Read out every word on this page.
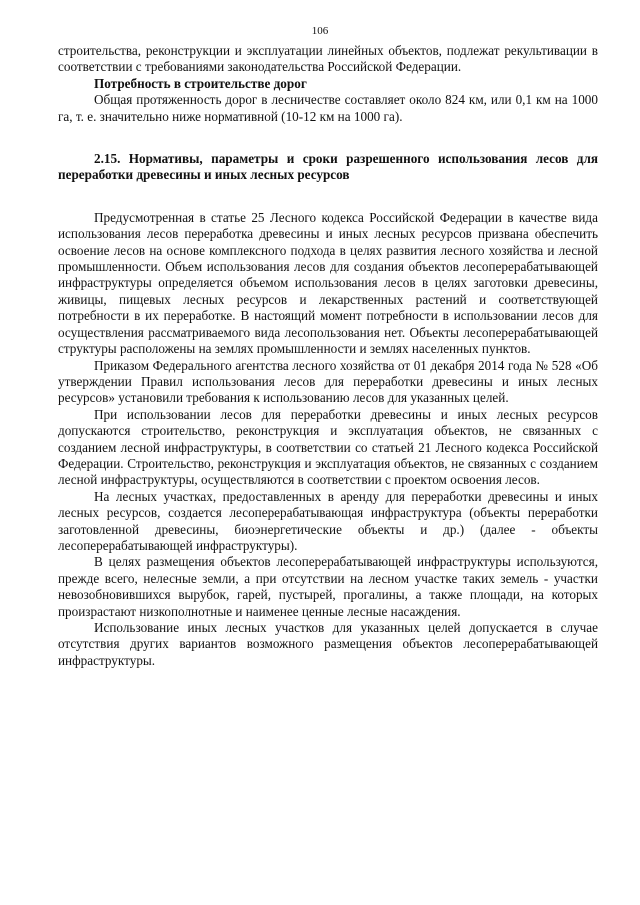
106

строительства, реконструкции и эксплуатации линейных объектов, подлежат рекультивации в соответствии с требованиями законодательства Российской Федерации.

Потребность в строительстве дорог

Общая протяженность дорог в лесничестве составляет около 824 км, или 0,1 км на 1000 га, т. е. значительно ниже нормативной (10-12 км на 1000 га).

2.15. Нормативы, параметры и сроки разрешенного использования лесов для переработки древесины и иных лесных ресурсов

Предусмотренная в статье 25 Лесного кодекса Российской Федерации в качестве вида использования лесов переработка древесины и иных лесных ресурсов призвана обеспечить освоение лесов на основе комплексного подхода в целях развития лесного хозяйства и лесной промышленности. Объем использования лесов для создания объектов лесоперерабатывающей инфраструктуры определяется объемом использования лесов в целях заготовки древесины, живицы, пищевых лесных ресурсов и лекарственных растений и соответствующей потребности в их переработке. В настоящий момент потребности в использовании лесов для осуществления рассматриваемого вида лесопользования нет. Объекты лесоперерабатывающей структуры расположены на землях промышленности и землях населенных пунктов.

Приказом Федерального агентства лесного хозяйства от 01 декабря 2014 года № 528 «Об утверждении Правил использования лесов для переработки древесины и иных лесных ресурсов» установили требования к использованию лесов для указанных целей.

При использовании лесов для переработки древесины и иных лесных ресурсов допускаются строительство, реконструкция и эксплуатация объектов, не связанных с созданием лесной инфраструктуры, в соответствии со статьей 21 Лесного кодекса Российской Федерации. Строительство, реконструкция и эксплуатация объектов, не связанных с созданием лесной инфраструктуры, осуществляются в соответствии с проектом освоения лесов.

На лесных участках, предоставленных в аренду для переработки древесины и иных лесных ресурсов, создается лесоперерабатывающая инфраструктура (объекты переработки заготовленной древесины, биоэнергетические объекты и др.) (далее - объекты лесоперерабатывающей инфраструктуры).

В целях размещения объектов лесоперерабатывающей инфраструктуры используются, прежде всего, нелесные земли, а при отсутствии на лесном участке таких земель - участки невозобновившихся вырубок, гарей, пустырей, прогалины, а также площади, на которых произрастают низкополнотные и наименее ценные лесные насаждения.

Использование иных лесных участков для указанных целей допускается в случае отсутствия других вариантов возможного размещения объектов лесоперерабатывающей инфраструктуры.
